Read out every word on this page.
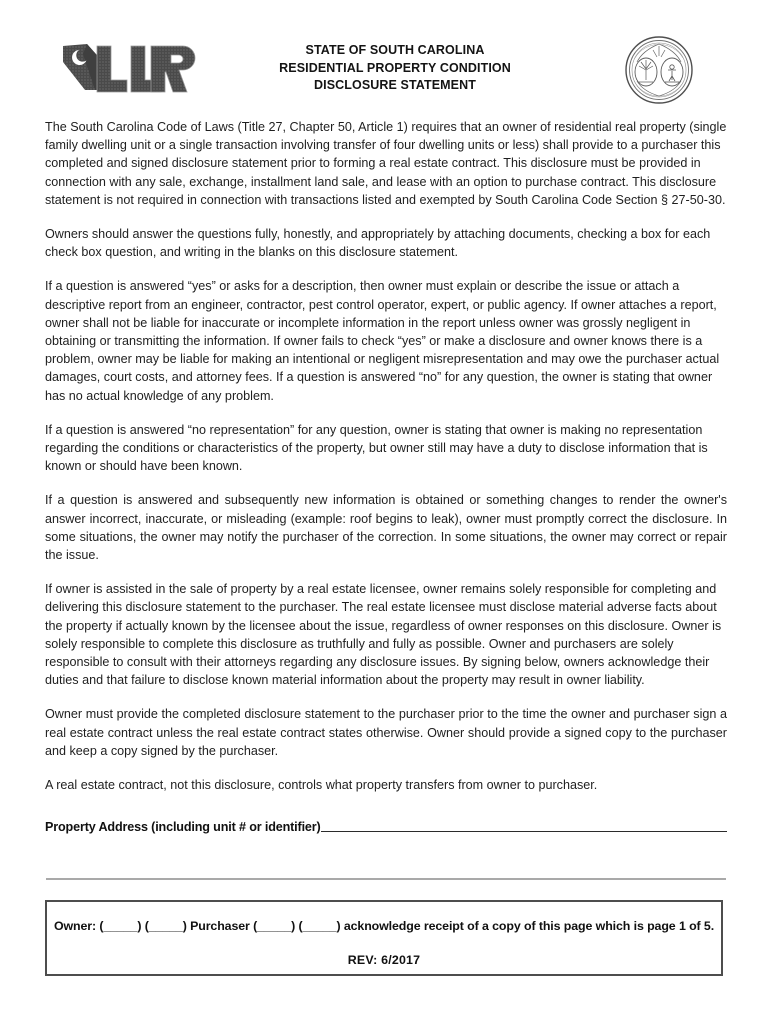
STATE OF SOUTH CAROLINA
RESIDENTIAL PROPERTY CONDITION
DISCLOSURE STATEMENT

The South Carolina Code of Laws (Title 27, Chapter 50, Article 1) requires that an owner of residential real property (single family dwelling unit or a single transaction involving transfer of four dwelling units or less) shall provide to a purchaser this completed and signed disclosure statement prior to forming a real estate contract. This disclosure must be provided in connection with any sale, exchange, installment land sale, and lease with an option to purchase contract. This disclosure statement is not required in connection with transactions listed and exempted by South Carolina Code Section § 27-50-30.

Owners should answer the questions fully, honestly, and appropriately by attaching documents, checking a box for each check box question, and writing in the blanks on this disclosure statement.

If a question is answered “yes” or asks for a description, then owner must explain or describe the issue or attach a descriptive report from an engineer, contractor, pest control operator, expert, or public agency. If owner attaches a report, owner shall not be liable for inaccurate or incomplete information in the report unless owner was grossly negligent in obtaining or transmitting the information. If owner fails to check “yes” or make a disclosure and owner knows there is a problem, owner may be liable for making an intentional or negligent misrepresentation and may owe the purchaser actual damages, court costs, and attorney fees. If a question is answered “no” for any question, the owner is stating that owner has no actual knowledge of any problem.

If a question is answered “no representation” for any question, owner is stating that owner is making no representation regarding the conditions or characteristics of the property, but owner still may have a duty to disclose information that is known or should have been known.

If a question is answered and subsequently new information is obtained or something changes to render the owner's answer incorrect, inaccurate, or misleading (example: roof begins to leak), owner must promptly correct the disclosure. In some situations, the owner may notify the purchaser of the correction. In some situations, the owner may correct or repair the issue.

If owner is assisted in the sale of property by a real estate licensee, owner remains solely responsible for completing and delivering this disclosure statement to the purchaser. The real estate licensee must disclose material adverse facts about the property if actually known by the licensee about the issue, regardless of owner responses on this disclosure. Owner is solely responsible to complete this disclosure as truthfully and fully as possible. Owner and purchasers are solely responsible to consult with their attorneys regarding any disclosure issues. By signing below, owners acknowledge their duties and that failure to disclose known material information about the property may result in owner liability.

Owner must provide the completed disclosure statement to the purchaser prior to the time the owner and purchaser sign a real estate contract unless the real estate contract states otherwise. Owner should provide a signed copy to the purchaser and keep a copy signed by the purchaser.

A real estate contract, not this disclosure, controls what property transfers from owner to purchaser.

Property Address (including unit # or identifier)
Owner: (_____) (_____) Purchaser (_____) (_____) acknowledge receipt of a copy of this page which is page 1 of 5.
REV: 6/2017
